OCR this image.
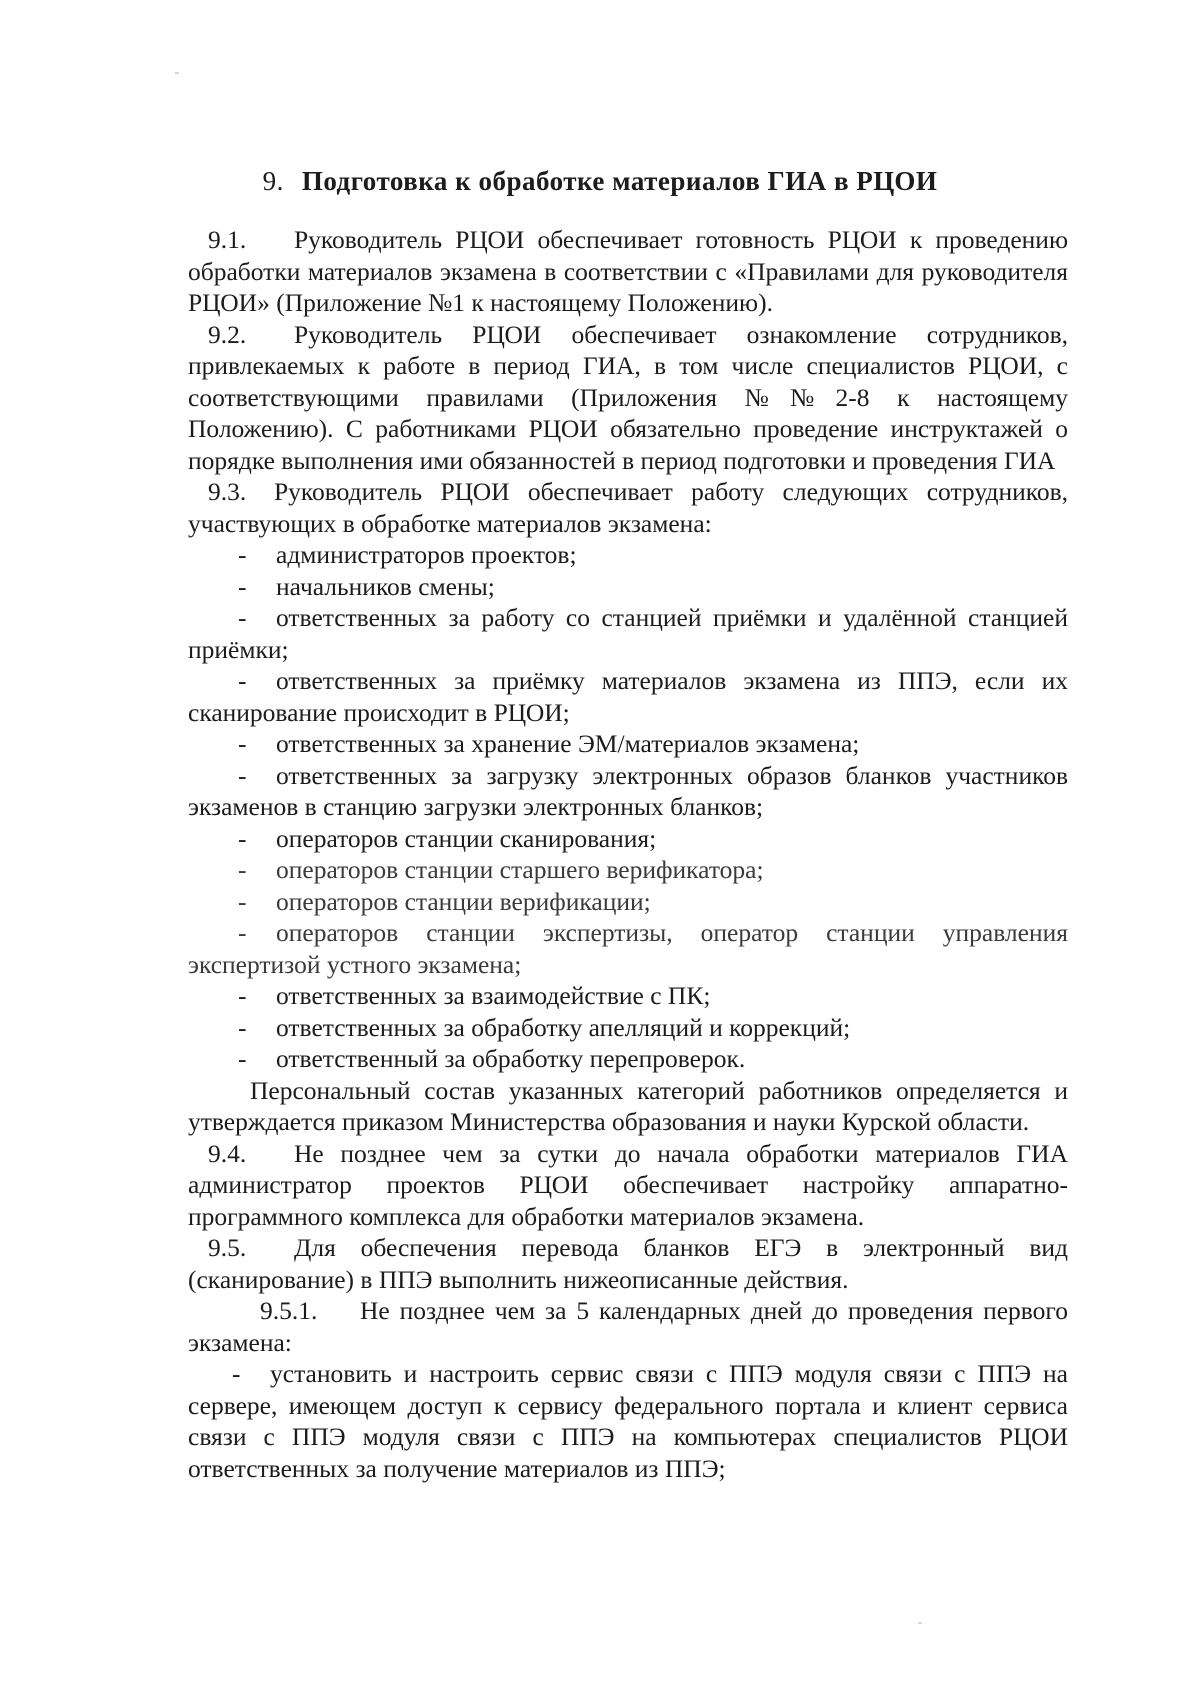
9. Подготовка к обработке материалов ГИА в РЦОИ

9.1. Руководитель РЦОИ обеспечивает готовность РЦОИ к проведению обработки материалов экзамена в соответствии с «Правилами для руководителя РЦОИ» (Приложение №1 к настоящему Положению).

9.2. Руководитель РЦОИ обеспечивает ознакомление сотрудников, привлекаемых к работе в период ГИА, в том числе специалистов РЦОИ, с соответствующими правилами (Приложения №№2-8 к настоящему Положению). С работниками РЦОИ обязательно проведение инструктажей о порядке выполнения ими обязанностей в период подготовки и проведения ГИА

9.3. Руководитель РЦОИ обеспечивает работу следующих сотрудников, участвующих в обработке материалов экзамена:

- администраторов проектов;

- начальников смены;

- ответственных за работу со станцией приёмки и удалённой станцией приёмки;

- ответственных за приёмку материалов экзамена из ППЭ, если их сканирование происходит в РЦОИ;

- ответственных за хранение ЭМ/материалов экзамена;

- ответственных за загрузку электронных образов бланков участников экзаменов в станцию загрузки электронных бланков;

- операторов станции сканирования;

- операторов станции старшего верификатора;

- операторов станции верификации;

- операторов станции экспертизы, оператор станции управления экспертизой устного экзамена;

- ответственных за взаимодействие с ПК;

- ответственных за обработку апелляций и коррекций;

- ответственный за обработку перепроверок.

Персональный состав указанных категорий работников определяется и утверждается приказом Министерства образования и науки Курской области.

9.4. Не позднее чем за сутки до начала обработки материалов ГИА администратор проектов РЦОИ обеспечивает настройку аппаратно-программного комплекса для обработки материалов экзамена.

9.5. Для обеспечения перевода бланков ЕГЭ в электронный вид (сканирование) в ППЭ выполнить нижеописанные действия.

9.5.1. Не позднее чем за 5 календарных дней до проведения первого экзамена:

- установить и настроить сервис связи с ППЭ модуля связи с ППЭ на сервере, имеющем доступ к сервису федерального портала и клиент сервиса связи с ППЭ модуля связи с ППЭ на компьютерах специалистов РЦОИ ответственных за получение материалов из ППЭ;
